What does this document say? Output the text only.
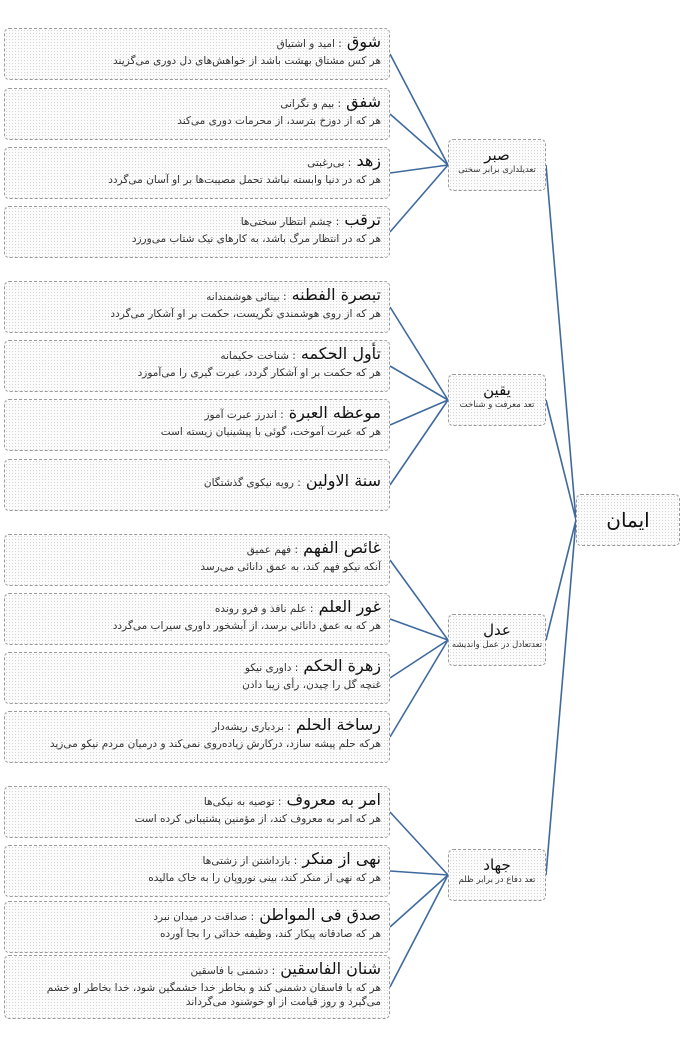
شوق : امید و اشتیاق
هر کس مشتاق بهشت باشد از خواهش‌های دل دوری می‌گزیند
شفق : بیم و نگرانی
هر که از دوزخ بترسد، از محرمات دوری می‌کند
زهد : بی‌رغبتی
هر که در دنیا وابسته نباشد تحمل مصیبت‌ها بر او آسان می‌گردد
ترقب : چشم انتظار سختی‌ها
هر که در انتظار مرگ باشد، به کارهای نیک شتاب می‌ورزد
تبصرة الفطنه : بینائی هوشمندانه
هر که از روی هوشمندی نگریست، حکمت بر او آشکار می‌گردد
تأول الحکمه : شناخت حکیمانه
هر که حکمت بر او آشکار گردد، عبرت گیری را می‌آموزد
موعظه العبرة : اندرز عبرت آموز
هر که عبرت آموخت، گوئی با پیشینیان زیسته است
سنة الاولین : رویه نیکوی گذشتگان
غائص الفهم : فهم عمیق
آنکه نیکو فهم کند، به عمق دانائی می‌رسد
غور العلم : علم نافذ و فرو رونده
هر که به عمق دانائی برسد، از آبشخور داوری سیراب می‌گردد
زهرة الحکم : داوری نیکو
غنچه گل را چیدن، رأی زیبا دادن
رساخة الحلم : بردباری ریشه‌دار
هرکه حلم پیشه سازد، درکارش زیاده‌روی نمی‌کند و درمیان مردم نیکو می‌زید
امر به معروف : توصیه به نیکی‌ها
هر که امر به معروف کند، از مؤمنین پشتیبانی کرده است
نهی از منکر : بازداشتن از زشتی‌ها
هر که نهی از منکر کند، بینی نوروپان را به خاک مالیده
صدق فی المواطن : صداقت در میدان نبرد
هر که صادقانه پیکار کند، وظیفه خدائی را بجا آورده
شنان الفاسقین : دشمنی با فاسقین
هر که با فاسقان دشمنی کند و بخاطر خدا خشمگین شود، خدا بخاطر او خشم می‌گیرد و روز قیامت از او خوشنود می‌گرداند
صبر
تعدیلداری برابر سختی
یقین
تعد معرفت و شناخت
عدل
تعدتعادل در عمل واندیشه
جهاد
تعد دفاع در برابر ظلم
ایمان
